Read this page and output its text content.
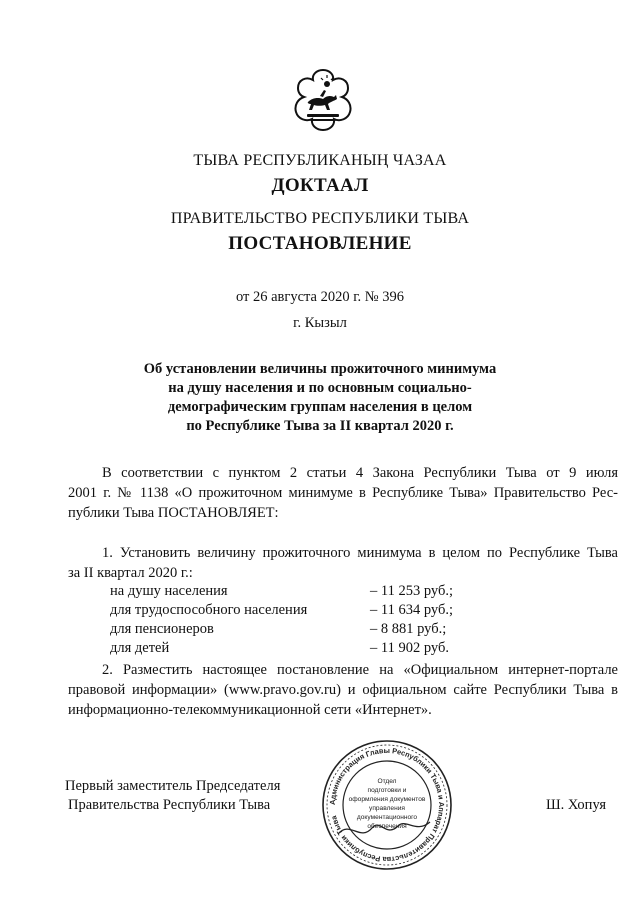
ТЫВА РЕСПУБЛИКАНЫҢ ЧАЗАА
ДОКТААЛ
ПРАВИТЕЛЬСТВО РЕСПУБЛИКИ ТЫВА
ПОСТАНОВЛЕНИЕ
от 26 августа 2020 г. № 396
г. Кызыл
Об установлении величины прожиточного минимума
на душу населения и по основным социально-
демографическим группам населения в целом
по Республике Тыва за II квартал 2020 г.
В соответствии с пунктом 2 статьи 4 Закона Республики Тыва от 9 июля
2001 г. № 1138 «О прожиточном минимуме в Республике Тыва» Правительство Рес-
публики Тыва ПОСТАНОВЛЯЕТ:
1. Установить величину прожиточного минимума в целом по Республике Тыва
за II квартал 2020 г.:
на душу населения	– 11 253 руб.;
для трудоспособного населения	– 11 634 руб.;
для пенсионеров	– 8 881 руб.;
для детей	– 11 902 руб.
2. Разместить настоящее постановление на «Официальном интернет-портале
правовой информации» (www.pravo.gov.ru) и официальном сайте Республики Тыва в
информационно-телекоммуникационной сети «Интернет».
Администрация Главы Республики Тыва и Аппарат Правительства Республики Тыва
Отдел
подготовки и
оформления документов
управления
документационного
обеспечения
Первый заместитель Председателя
Правительства Республики Тыва	Ш. Хопуя
